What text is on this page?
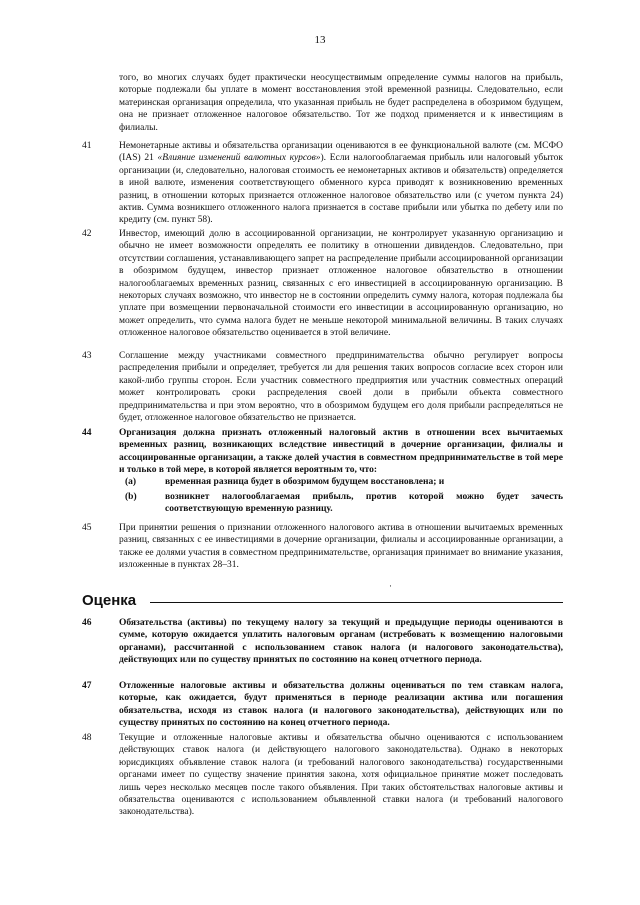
13
того, во многих случаях будет практически неосуществимым определение суммы налогов на прибыль, которые подлежали бы уплате в момент восстановления этой временной разницы. Следовательно, если материнская организация определила, что указанная прибыль не будет распределена в обозримом будущем, она не признает отложенное налоговое обязательство. Тот же подход применяется и к инвестициям в филиалы.
41	Немонетарные активы и обязательства организации оцениваются в ее функциональной валюте (см. МСФО (IAS) 21 «Влияние изменений валютных курсов»). Если налогооблагаемая прибыль или налоговый убыток организации (и, следовательно, налоговая стоимость ее немонетарных активов и обязательств) определяется в иной валюте, изменения соответствующего обменного курса приводят к возникновению временных разниц, в отношении которых признается отложенное налоговое обязательство или (с учетом пункта 24) актив. Сумма возникшего отложенного налога признается в составе прибыли или убытка по дебету или по кредиту (см. пункт 58).
42	Инвестор, имеющий долю в ассоциированной организации, не контролирует указанную организацию и обычно не имеет возможности определять ее политику в отношении дивидендов. Следовательно, при отсутствии соглашения, устанавливающего запрет на распределение прибыли ассоциированной организации в обозримом будущем, инвестор признает отложенное налоговое обязательство в отношении налогооблагаемых временных разниц, связанных с его инвестицией в ассоциированную организацию. В некоторых случаях возможно, что инвестор не в состоянии определить сумму налога, которая подлежала бы уплате при возмещении первоначальной стоимости его инвестиции в ассоциированную организацию, но может определить, что сумма налога будет не меньше некоторой минимальной величины. В таких случаях отложенное налоговое обязательство оценивается в этой величине.
43	Соглашение между участниками совместного предпринимательства обычно регулирует вопросы распределения прибыли и определяет, требуется ли для решения таких вопросов согласие всех сторон или какой-либо группы сторон. Если участник совместного предприятия или участник совместных операций может контролировать сроки распределения своей доли в прибыли объекта совместного предпринимательства и при этом вероятно, что в обозримом будущем его доля прибыли распределяться не будет, отложенное налоговое обязательство не признается.
44	Организация должна признать отложенный налоговый актив в отношении всех вычитаемых временных разниц, возникающих вследствие инвестиций в дочерние организации, филиалы и ассоциированные организации, а также долей участия в совместном предпринимательстве в той мере и только в той мере, в которой является вероятным то, что:
(a)	временная разница будет в обозримом будущем восстановлена; и
(b)	возникнет налогооблагаемая прибыль, против которой можно будет зачесть соответствующую временную разницу.
45	При принятии решения о признании отложенного налогового актива в отношении вычитаемых временных разниц, связанных с ее инвестициями в дочерние организации, филиалы и ассоциированные организации, а также ее долями участия в совместном предпринимательстве, организация принимает во внимание указания, изложенные в пунктах 28–31.
·
Оценка
46	Обязательства (активы) по текущему налогу за текущий и предыдущие периоды оцениваются в сумме, которую ожидается уплатить налоговым органам (истребовать к возмещению налоговыми органами), рассчитанной с использованием ставок налога (и налогового законодательства), действующих или по существу принятых по состоянию на конец отчетного периода.
47	Отложенные налоговые активы и обязательства должны оцениваться по тем ставкам налога, которые, как ожидается, будут применяться в периоде реализации актива или погашения обязательства, исходя из ставок налога (и налогового законодательства), действующих или по существу принятых по состоянию на конец отчетного периода.
48	Текущие и отложенные налоговые активы и обязательства обычно оцениваются с использованием действующих ставок налога (и действующего налогового законодательства). Однако в некоторых юрисдикциях объявление ставок налога (и требований налогового законодательства) государственными органами имеет по существу значение принятия закона, хотя официальное принятие может последовать лишь через несколько месяцев после такого объявления. При таких обстоятельствах налоговые активы и обязательства оцениваются с использованием объявленной ставки налога (и требований налогового законодательства).
